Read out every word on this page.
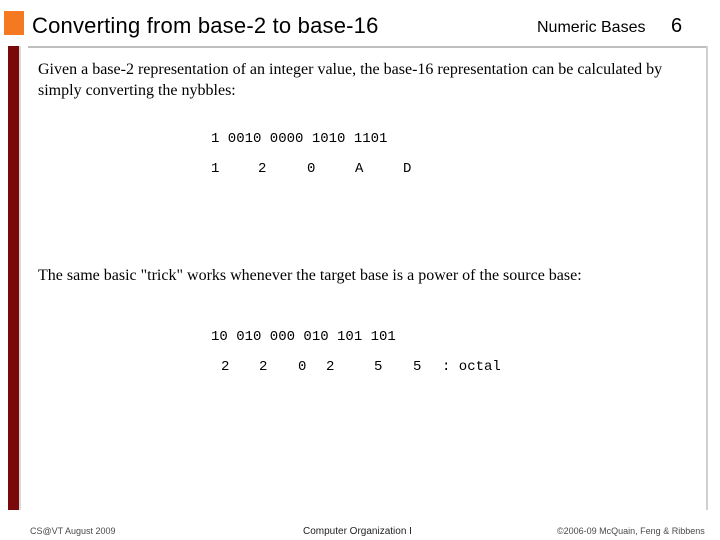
Converting from base-2 to base-16	Numeric Bases 6
Given a base-2 representation of an integer value, the base-16 representation can be calculated by simply converting the nybbles:
1 0010 0000 1010 1101
1	2	0	A	D
The same basic "trick" works whenever the target base is a power of the source base:
10 010 000 010 101 101
2 2 0 2	5 5 : octal
CS@VT August 2009	Computer Organization I	©2006-09 McQuain, Feng & Ribbens
